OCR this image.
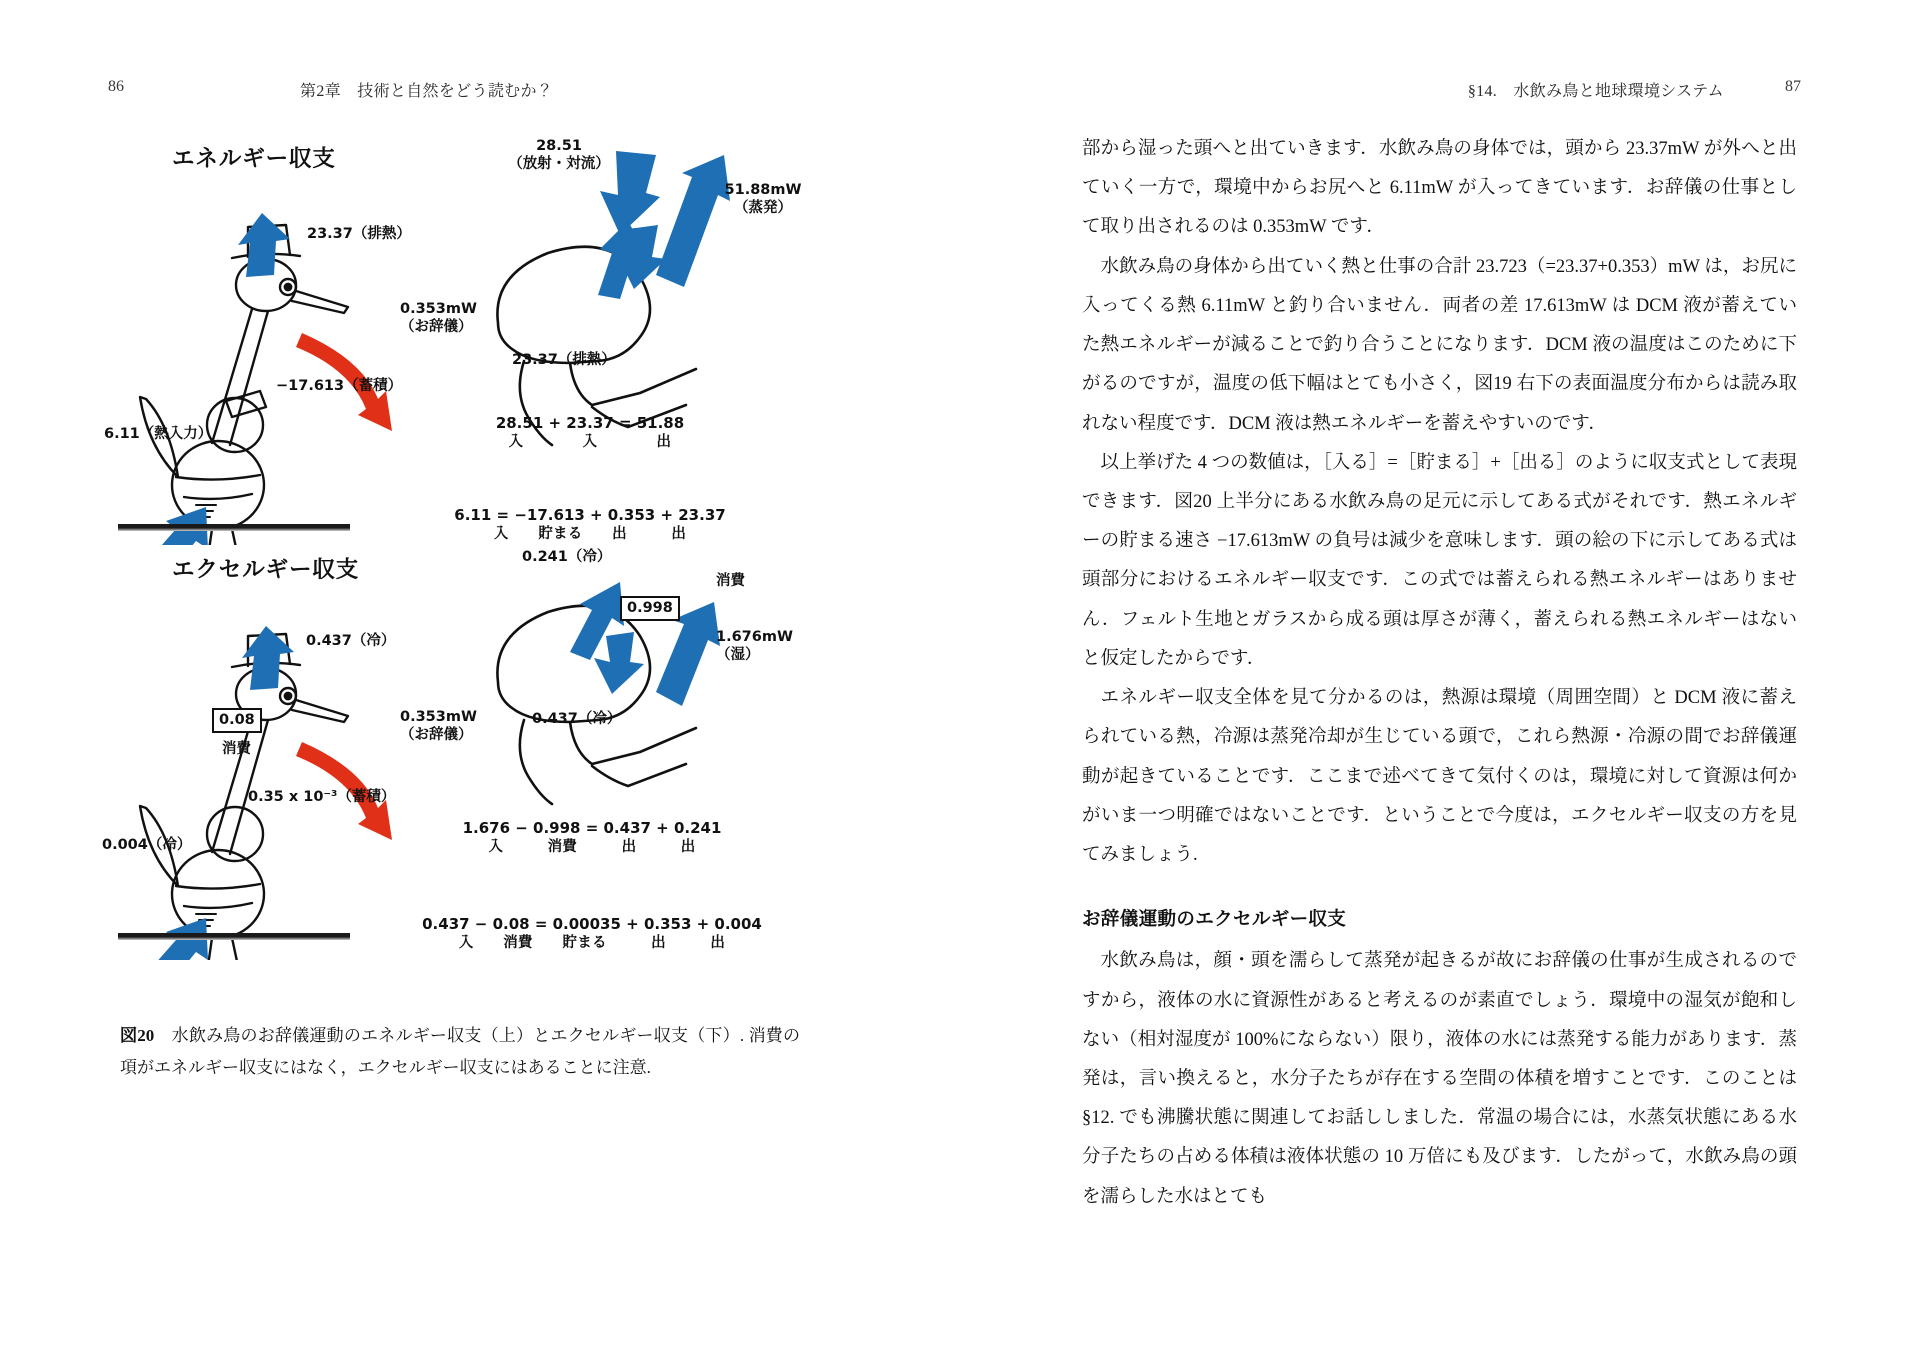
86	第2章　技術と自然をどう読むか？
エネルギー収支	28.51
（放射・対流）
51.88mW
（蒸発）
23.37（排熱）
23.37（排熱）
0.353mW
（お辞儀）
−17.613（蓄積）
6.11（熱入力）
28.51 + 23.37 = 51.88
入　　　　入　　　　出
6.11 = −17.613 + 0.353 + 23.37
入　　貯まる　　出　　　出
エクセルギー収支	0.241（冷）
0.998
消費
0.437（冷）
1.676mW
（湿）
0.437（冷）
0.08
消費
0.353mW
（お辞儀）
0.35 x 10⁻³（蓄積）
0.004（冷）
1.676 − 0.998 = 0.437 + 0.241
入　　　消費　　　出　　　出
0.437 − 0.08 = 0.00035 + 0.353 + 0.004
入　　消費　　貯まる　　　出　　　出
図20　水飲み鳥のお辞儀運動のエネルギー収支（上）とエクセルギー収支（下）. 消費の項がエネルギー収支にはなく，エクセルギー収支にはあることに注意.
87
§14.　水飲み鳥と地球環境システム

部から湿った頭へと出ていきます．水飲み鳥の身体では，頭から 23.37mW が外へと出ていく一方で，環境中からお尻へと 6.11mW が入ってきています．お辞儀の仕事として取り出されるのは 0.353mW です．

水飲み鳥の身体から出ていく熱と仕事の合計 23.723（=23.37+0.353）mW は，お尻に入ってくる熱 6.11mW と釣り合いません．両者の差 17.613mW は DCM 液が蓄えていた熱エネルギーが減ることで釣り合うことになります．DCM 液の温度はこのために下がるのですが，温度の低下幅はとても小さく，図19 右下の表面温度分布からは読み取れない程度です．DCM 液は熱エネルギーを蓄えやすいのです．

以上挙げた 4 つの数値は，［入る］=［貯まる］+［出る］のように収支式として表現できます．図20 上半分にある水飲み鳥の足元に示してある式がそれです．熱エネルギーの貯まる速さ −17.613mW の負号は減少を意味します．頭の絵の下に示してある式は頭部分におけるエネルギー収支です．この式では蓄えられる熱エネルギーはありません．フェルト生地とガラスから成る頭は厚さが薄く，蓄えられる熱エネルギーはないと仮定したからです．

エネルギー収支全体を見て分かるのは，熱源は環境（周囲空間）と DCM 液に蓄えられている熱，冷源は蒸発冷却が生じている頭で，これら熱源・冷源の間でお辞儀運動が起きていることです．ここまで述べてきて気付くのは，環境に対して資源は何かがいま一つ明確ではないことです．ということで今度は，エクセルギー収支の方を見てみましょう.

お辞儀運動のエクセルギー収支

水飲み鳥は，顔・頭を濡らして蒸発が起きるが故にお辞儀の仕事が生成されるのですから，液体の水に資源性があると考えるのが素直でしょう．環境中の湿気が飽和しない（相対湿度が 100%にならない）限り，液体の水には蒸発する能力があります．蒸発は，言い換えると，水分子たちが存在する空間の体積を増すことです．このことは §12. でも沸騰状態に関連してお話ししました．常温の場合には，水蒸気状態にある水分子たちの占める体積は液体状態の 10 万倍にも及びます．したがって，水飲み鳥の頭を濡らした水はとても
